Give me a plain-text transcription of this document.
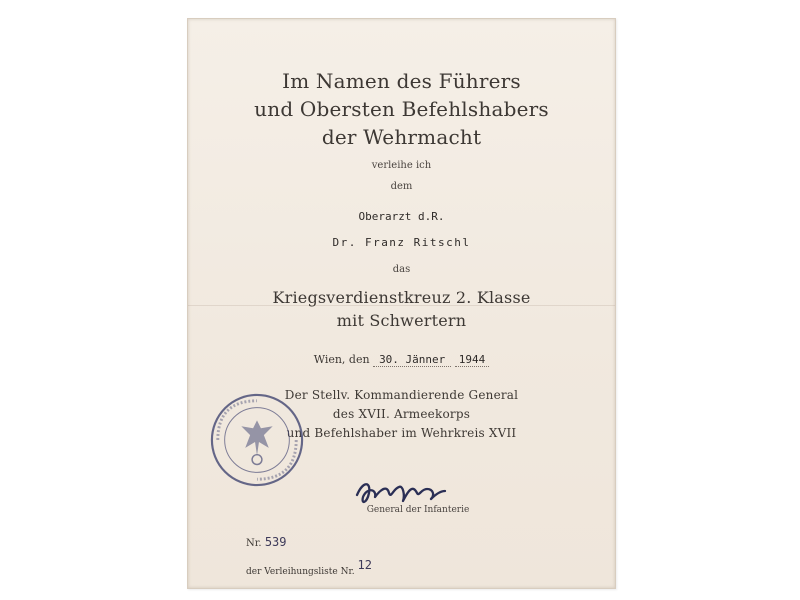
Im Namen des Führers
und Obersten Befehlshabers
der Wehrmacht
verleihe ich
dem
Oberarzt d.R.
Dr. Franz Ritschl
das
Kriegsverdienstkreuz 2. Klasse
mit Schwertern
Wien, den 30. Jänner 1944
Der Stellv. Kommandierende General
des XVII. Armeekorps
und Befehlshaber im Wehrkreis XVII
General der Infanterie
Nr. 539
der Verleihungsliste Nr. 12
